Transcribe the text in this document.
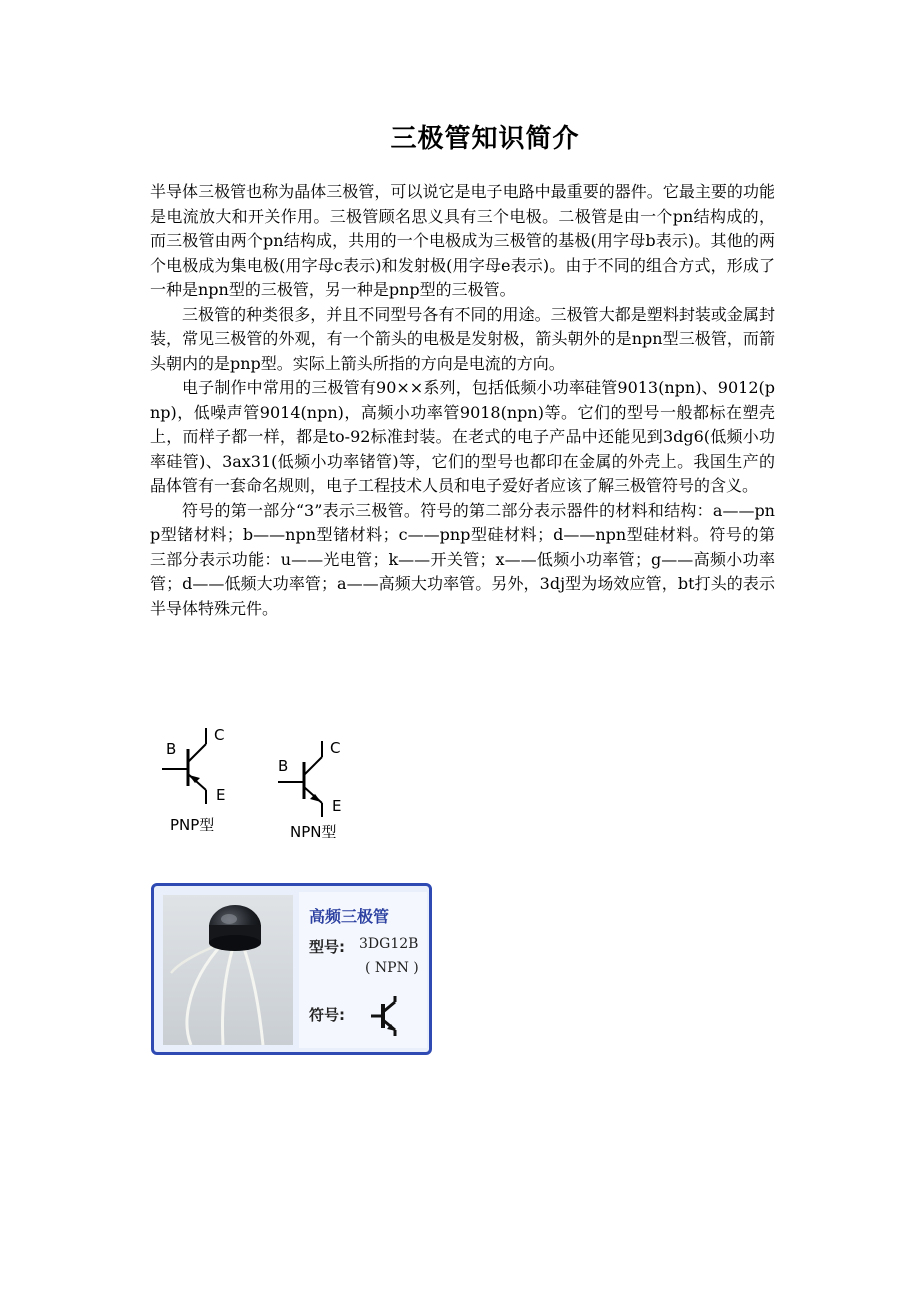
三极管知识简介

半导体三极管也称为晶体三极管，可以说它是电子电路中最重要的器件。它最主要的功能是电流放大和开关作用。三极管顾名思义具有三个电极。二极管是由一个pn结构成的，而三极管由两个pn结构成，共用的一个电极成为三极管的基极(用字母b表示)。其他的两个电极成为集电极(用字母c表示)和发射极(用字母e表示)。由于不同的组合方式，形成了一种是npn型的三极管，另一种是pnp型的三极管。

三极管的种类很多，并且不同型号各有不同的用途。三极管大都是塑料封装或金属封装，常见三极管的外观，有一个箭头的电极是发射极，箭头朝外的是npn型三极管，而箭头朝内的是pnp型。实际上箭头所指的方向是电流的方向。

电子制作中常用的三极管有90××系列，包括低频小功率硅管9013(npn)、9012(pnp)，低噪声管9014(npn)，高频小功率管9018(npn)等。它们的型号一般都标在塑壳上，而样子都一样，都是to-92标准封装。在老式的电子产品中还能见到3dg6(低频小功率硅管)、3ax31(低频小功率锗管)等，它们的型号也都印在金属的外壳上。我国生产的晶体管有一套命名规则，电子工程技术人员和电子爱好者应该了解三极管符号的含义。

符号的第一部分“3”表示三极管。符号的第二部分表示器件的材料和结构：a——pnp型锗材料；b——npn型锗材料；c——pnp型硅材料；d——npn型硅材料。符号的第三部分表示功能：u——光电管；k——开关管；x——低频小功率管；g——高频小功率管；d——低频大功率管；a——高频大功率管。另外，3dj型为场效应管，bt打头的表示半导体特殊元件。

B
C
E
PNP型
B
C
E
NPN型
高频三极管
型号: 3DG12B
( NPN )
符号:
